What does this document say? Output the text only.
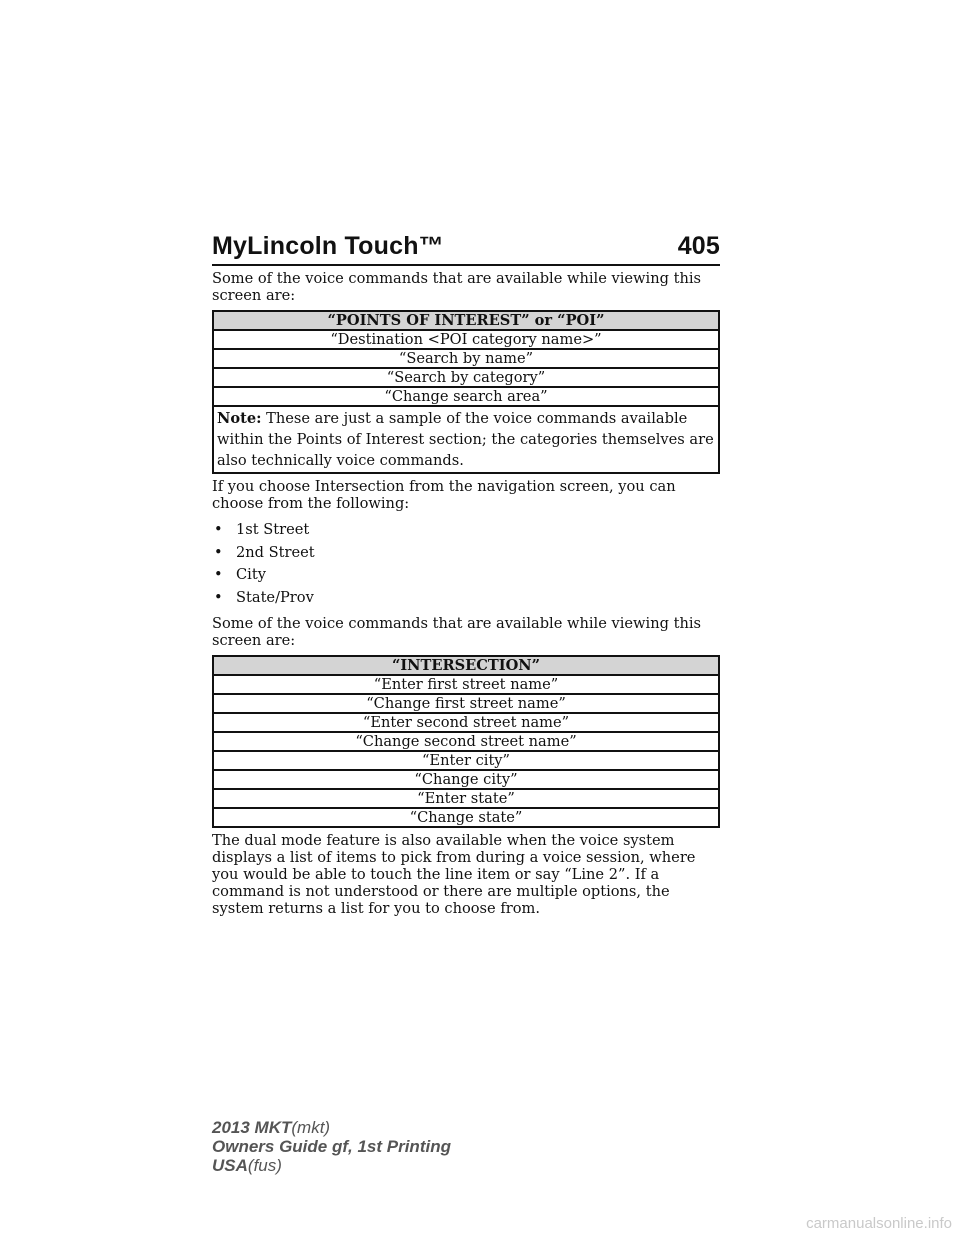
MyLincoln Touch™	405

Some of the voice commands that are available while viewing this screen are:

“POINTS OF INTEREST” or “POI”
“Destination <POI category name>”
“Search by name”
“Search by category”
“Change search area”
Note: These are just a sample of the voice commands available within the Points of Interest section; the categories themselves are also technically voice commands.

If you choose Intersection from the navigation screen, you can choose from the following:

• 1st Street
• 2nd Street
• City
• State/Prov

Some of the voice commands that are available while viewing this screen are:

“INTERSECTION”
“Enter first street name”
“Change first street name”
“Enter second street name”
“Change second street name”
“Enter city”
“Change city”
“Enter state”
“Change state”

The dual mode feature is also available when the voice system displays a list of items to pick from during a voice session, where you would be able to touch the line item or say “Line 2”. If a command is not understood or there are multiple options, the system returns a list for you to choose from.

2013 MKT(mkt)
Owners Guide gf, 1st Printing
USA(fus)
carmanualsonline.info
